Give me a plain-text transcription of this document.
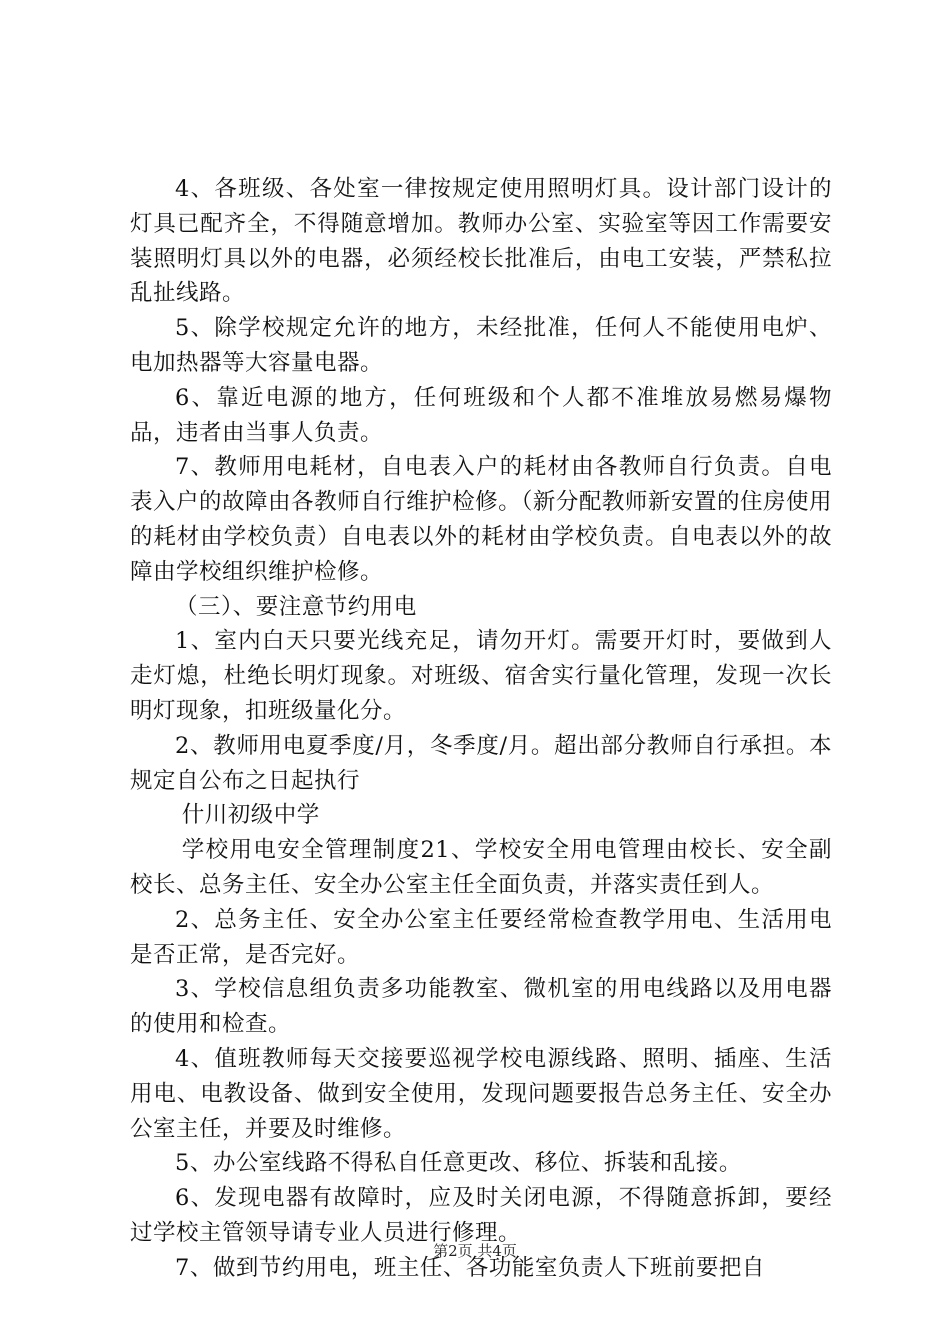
4、各班级、各处室一律按规定使用照明灯具。设计部门设计的灯具已配齐全，不得随意增加。教师办公室、实验室等因工作需要安装照明灯具以外的电器，必须经校长批准后，由电工安装，严禁私拉乱扯线路。

5、除学校规定允许的地方，未经批准，任何人不能使用电炉、电加热器等大容量电器。

6、靠近电源的地方，任何班级和个人都不准堆放易燃易爆物品，违者由当事人负责。

7、教师用电耗材，自电表入户的耗材由各教师自行负责。自电表入户的故障由各教师自行维护检修。（新分配教师新安置的住房使用的耗材由学校负责）自电表以外的耗材由学校负责。自电表以外的故障由学校组织维护检修。

（三）、要注意节约用电

1、室内白天只要光线充足，请勿开灯。需要开灯时，要做到人走灯熄，杜绝长明灯现象。对班级、宿舍实行量化管理，发现一次长明灯现象，扣班级量化分。

2、教师用电夏季度/月，冬季度/月。超出部分教师自行承担。本规定自公布之日起执行

什川初级中学

学校用电安全管理制度21、学校安全用电管理由校长、安全副校长、总务主任、安全办公室主任全面负责，并落实责任到人。

2、总务主任、安全办公室主任要经常检查教学用电、生活用电是否正常，是否完好。

3、学校信息组负责多功能教室、微机室的用电线路以及用电器的使用和检查。

4、值班教师每天交接要巡视学校电源线路、照明、插座、生活用电、电教设备、做到安全使用，发现问题要报告总务主任、安全办公室主任，并要及时维修。

5、办公室线路不得私自任意更改、移位、拆装和乱接。

6、发现电器有故障时，应及时关闭电源，不得随意拆卸，要经过学校主管领导请专业人员进行修理。

7、做到节约用电，班主任、各功能室负责人下班前要把自

第2页 共4页
